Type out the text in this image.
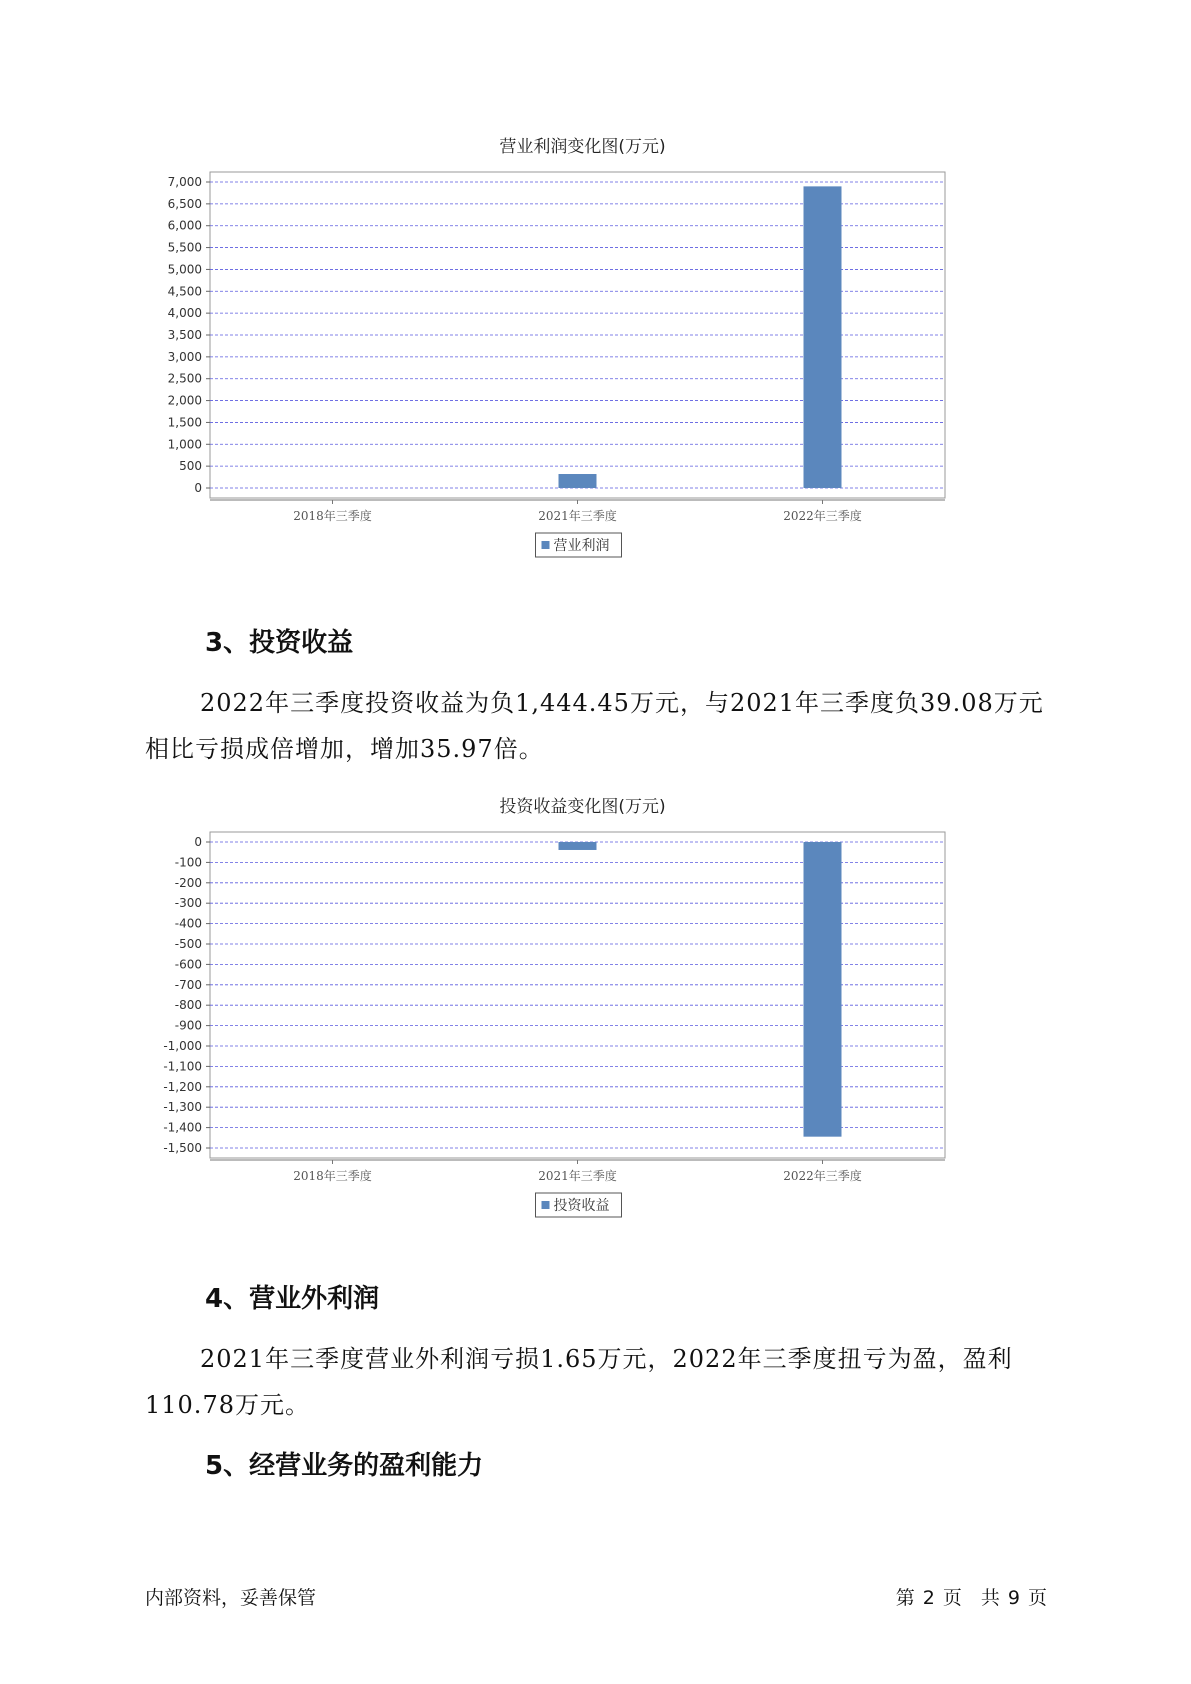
营业利润变化图(万元)
0
500
1,000
1,500
2,000
2,500
3,000
3,500
4,000
4,500
5,000
5,500
6,000
6,500
7,000
2018年三季度	2021年三季度	2022年三季度
营业利润
3、投资收益

2022年三季度投资收益为负1,444.45万元，与2021年三季度负39.08万元相比亏损成倍增加，增加35.97倍。

投资收益变化图(万元)
0
-100
-200
-300
-400
-500
-600
-700
-800
-900
-1,000
-1,100
-1,200
-1,300
-1,400
-1,500
2018年三季度	2021年三季度	2022年三季度
投资收益
4、营业外利润

2021年三季度营业外利润亏损1.65万元，2022年三季度扭亏为盈，盈利110.78万元。

5、经营业务的盈利能力
内部资料，妥善保管	第 2 页　共 9 页
